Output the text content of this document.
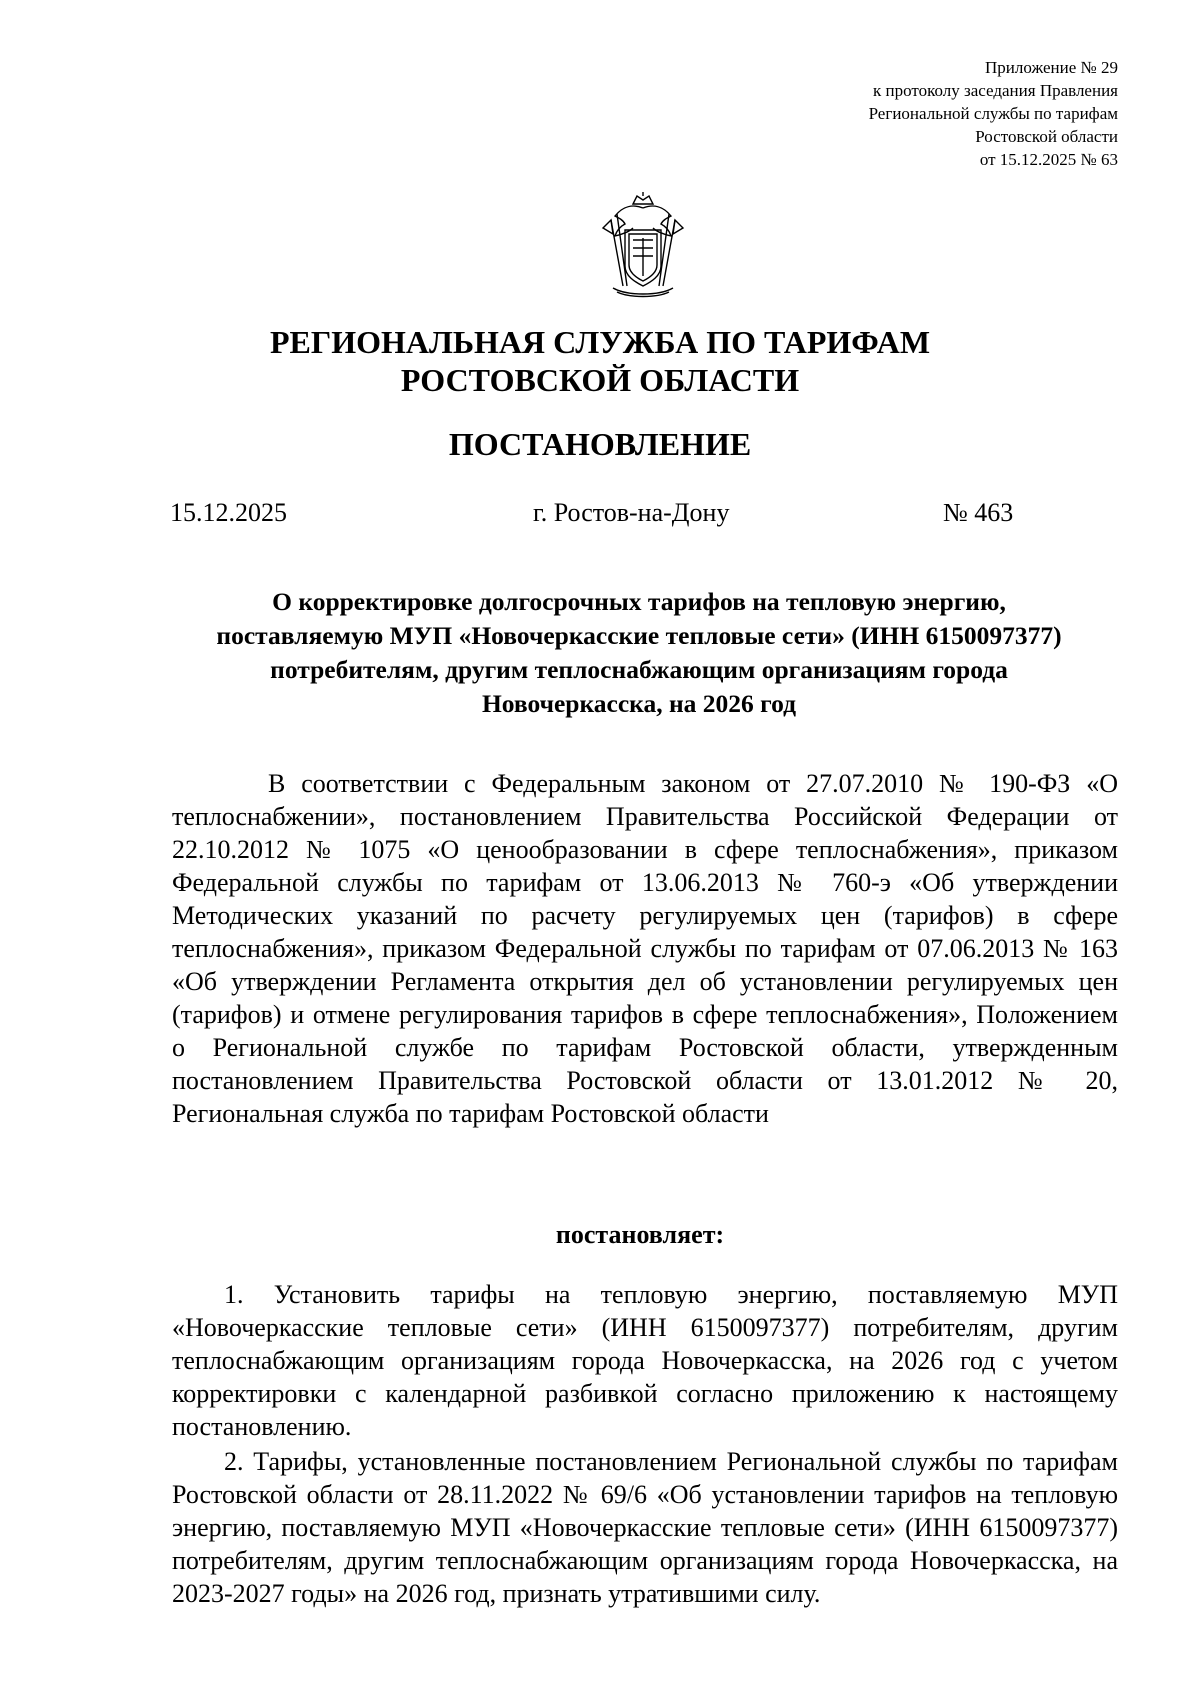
Приложение № 29
к протоколу заседания Правления
Региональной службы по тарифам
Ростовской области
от 15.12.2025 № 63
РЕГИОНАЛЬНАЯ СЛУЖБА ПО ТАРИФАМ
РОСТОВСКОЙ ОБЛАСТИ
ПОСТАНОВЛЕНИЕ
15.12.2025	г. Ростов-на-Дону	№ 463
О корректировке долгосрочных тарифов на тепловую энергию,
поставляемую МУП «Новочеркасские тепловые сети» (ИНН 6150097377)
потребителям, другим теплоснабжающим организациям города
Новочеркасска, на 2026 год
В соответствии с Федеральным законом от 27.07.2010 № 190-ФЗ «О теплоснабжении», постановлением Правительства Российской Федерации от 22.10.2012 № 1075 «О ценообразовании в сфере теплоснабжения», приказом Федеральной службы по тарифам от 13.06.2013 № 760-э «Об утверждении Методических указаний по расчету регулируемых цен (тарифов) в сфере теплоснабжения», приказом Федеральной службы по тарифам от 07.06.2013 № 163 «Об утверждении Регламента открытия дел об установлении регулируемых цен (тарифов) и отмене регулирования тарифов в сфере теплоснабжения», Положением о Региональной службе по тарифам Ростовской области, утвержденным постановлением Правительства Ростовской области от 13.01.2012 № 20, Региональная служба по тарифам Ростовской области
постановляет:

1. Установить тарифы на тепловую энергию, поставляемую МУП «Новочеркасские тепловые сети» (ИНН 6150097377) потребителям, другим теплоснабжающим организациям города Новочеркасска, на 2026 год с учетом корректировки с календарной разбивкой согласно приложению к настоящему постановлению.

2. Тарифы, установленные постановлением Региональной службы по тарифам Ростовской области от 28.11.2022 № 69/6 «Об установлении тарифов на тепловую энергию, поставляемую МУП «Новочеркасские тепловые сети» (ИНН 6150097377) потребителям, другим теплоснабжающим организациям города Новочеркасска, на 2023-2027 годы» на 2026 год, признать утратившими силу.
